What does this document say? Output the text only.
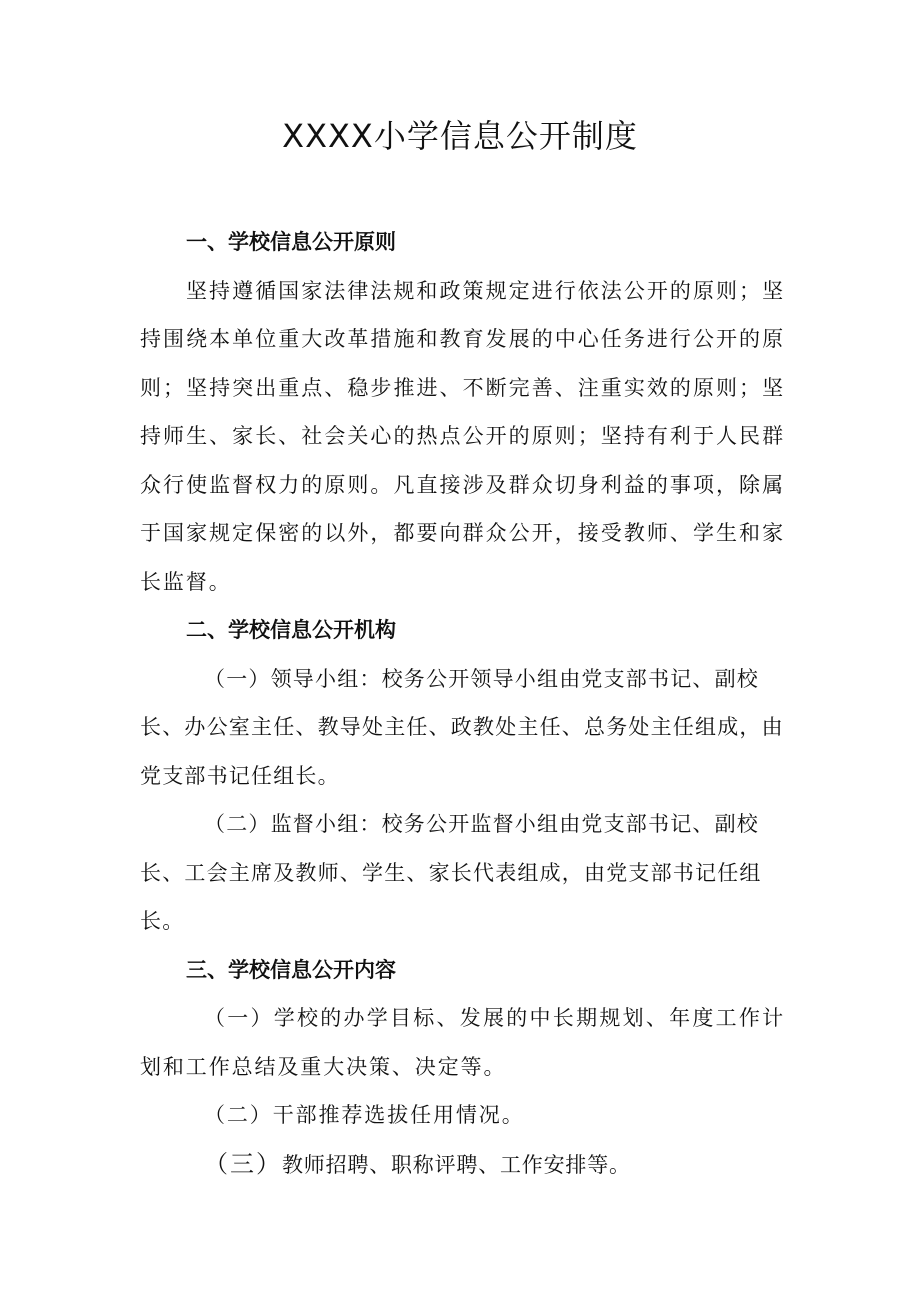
XXXX小学信息公开制度

一、学校信息公开原则

坚持遵循国家法律法规和政策规定进行依法公开的原则；坚持围绕本单位重大改革措施和教育发展的中心任务进行公开的原则；坚持突出重点、稳步推进、不断完善、注重实效的原则；坚持师生、家长、社会关心的热点公开的原则；坚持有利于人民群众行使监督权力的原则。凡直接涉及群众切身利益的事项，除属于国家规定保密的以外，都要向群众公开，接受教师、学生和家长监督。

二、学校信息公开机构

（一）领导小组：校务公开领导小组由党支部书记、副校长、办公室主任、教导处主任、政教处主任、总务处主任组成，由党支部书记任组长。

（二）监督小组：校务公开监督小组由党支部书记、副校长、工会主席及教师、学生、家长代表组成，由党支部书记任组长。

三、学校信息公开内容

（一）学校的办学目标、发展的中长期规划、年度工作计划和工作总结及重大决策、决定等。

（二）干部推荐选拔任用情况。

（三）教师招聘、职称评聘、工作安排等。
